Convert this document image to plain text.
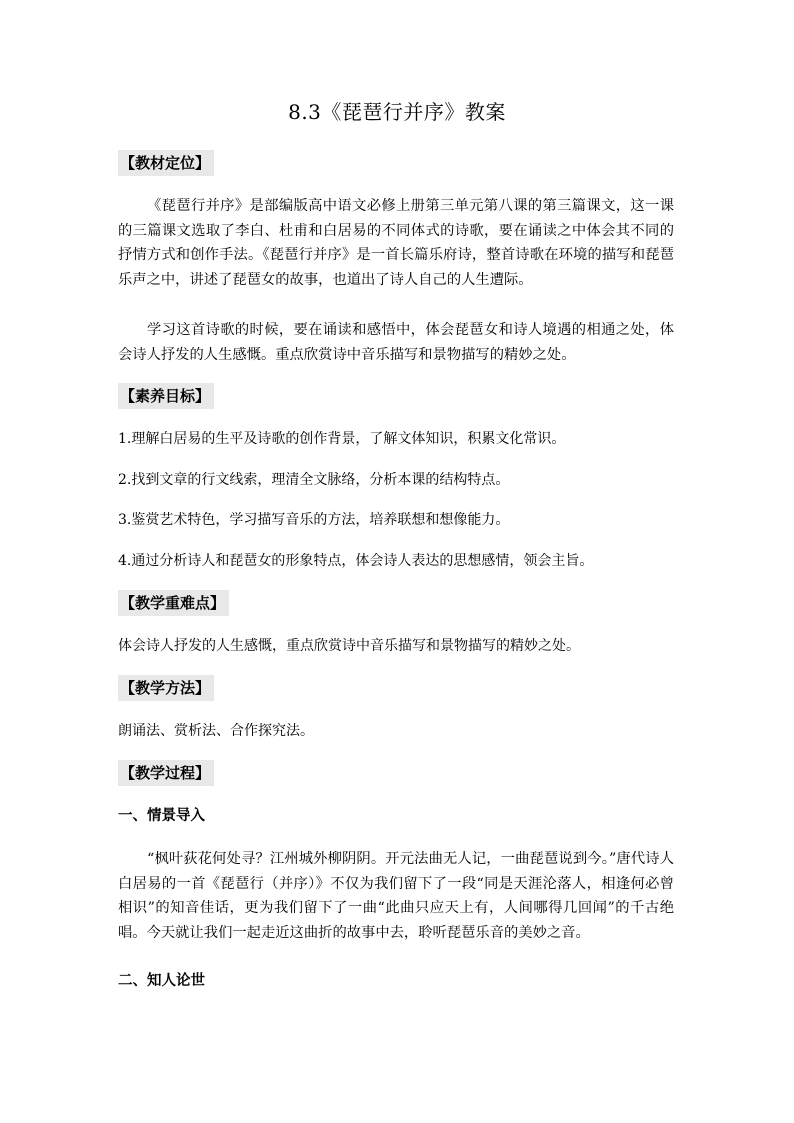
8.3《琵琶行并序》教案
【教材定位】

《琵琶行并序》是部编版高中语文必修上册第三单元第八课的第三篇课文，这一课的三篇课文选取了李白、杜甫和白居易的不同体式的诗歌，要在诵读之中体会其不同的抒情方式和创作手法。《琵琶行并序》是一首长篇乐府诗，整首诗歌在环境的描写和琵琶乐声之中，讲述了琵琶女的故事，也道出了诗人自己的人生遭际。

学习这首诗歌的时候，要在诵读和感悟中，体会琵琶女和诗人境遇的相通之处，体会诗人抒发的人生感慨。重点欣赏诗中音乐描写和景物描写的精妙之处。

【素养目标】

1.理解白居易的生平及诗歌的创作背景，了解文体知识，积累文化常识。

2.找到文章的行文线索，理清全文脉络，分析本课的结构特点。

3.鉴赏艺术特色，学习描写音乐的方法，培养联想和想像能力。

4.通过分析诗人和琵琶女的形象特点，体会诗人表达的思想感情，领会主旨。

【教学重难点】

体会诗人抒发的人生感慨，重点欣赏诗中音乐描写和景物描写的精妙之处。

【教学方法】

朗诵法、赏析法、合作探究法。

【教学过程】
一、情景导入

“枫叶荻花何处寻？江州城外柳阴阴。开元法曲无人记，一曲琵琶说到今。”唐代诗人白居易的一首《琵琶行（并序）》不仅为我们留下了一段“同是天涯沦落人，相逢何必曾相识”的知音佳话，更为我们留下了一曲“此曲只应天上有，人间哪得几回闻”的千古绝唱。今天就让我们一起走近这曲折的故事中去，聆听琵琶乐音的美妙之音。

二、知人论世
